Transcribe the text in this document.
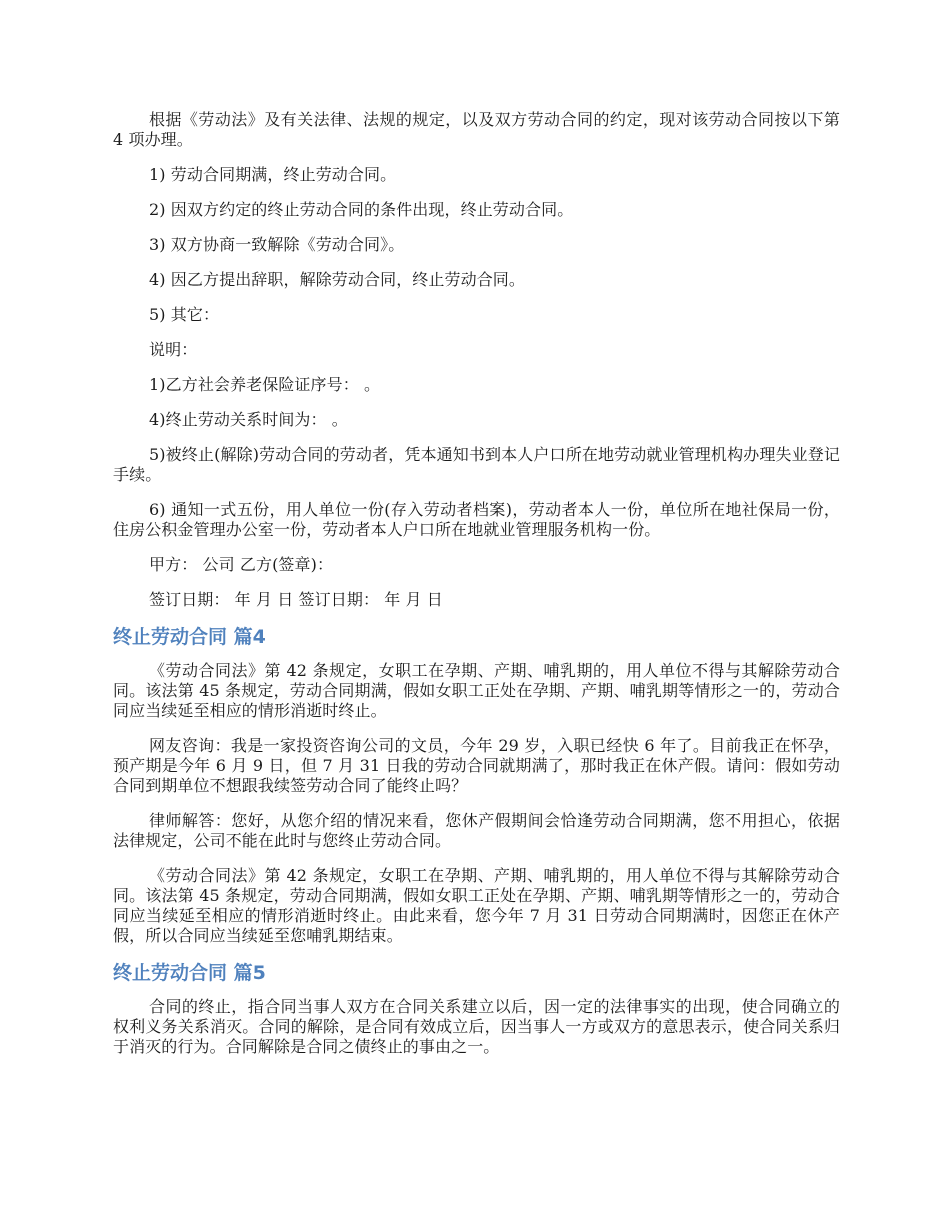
根据《劳动法》及有关法律、法规的规定，以及双方劳动合同的约定，现对该劳动合同按以下第 4 项办理。

1) 劳动合同期满，终止劳动合同。

2) 因双方约定的终止劳动合同的条件出现，终止劳动合同。

3) 双方协商一致解除《劳动合同》。

4) 因乙方提出辞职，解除劳动合同，终止劳动合同。

5) 其它：

说明：

1)乙方社会养老保险证序号： 。

4)终止劳动关系时间为： 。

5)被终止(解除)劳动合同的劳动者，凭本通知书到本人户口所在地劳动就业管理机构办理失业登记手续。

6) 通知一式五份，用人单位一份(存入劳动者档案)，劳动者本人一份，单位所在地社保局一份，住房公积金管理办公室一份，劳动者本人户口所在地就业管理服务机构一份。

甲方： 公司 乙方(签章)：

签订日期： 年 月 日 签订日期： 年 月 日

终止劳动合同 篇4

《劳动合同法》第 42 条规定，女职工在孕期、产期、哺乳期的，用人单位不得与其解除劳动合同。该法第 45 条规定，劳动合同期满，假如女职工正处在孕期、产期、哺乳期等情形之一的，劳动合同应当续延至相应的情形消逝时终止。

网友咨询：我是一家投资咨询公司的文员，今年 29 岁，入职已经快 6 年了。目前我正在怀孕，预产期是今年 6 月 9 日，但 7 月 31 日我的劳动合同就期满了，那时我正在休产假。请问：假如劳动合同到期单位不想跟我续签劳动合同了能终止吗？

律师解答：您好，从您介绍的情况来看，您休产假期间会恰逢劳动合同期满，您不用担心，依据法律规定，公司不能在此时与您终止劳动合同。

《劳动合同法》第 42 条规定，女职工在孕期、产期、哺乳期的，用人单位不得与其解除劳动合同。该法第 45 条规定，劳动合同期满，假如女职工正处在孕期、产期、哺乳期等情形之一的，劳动合同应当续延至相应的情形消逝时终止。由此来看，您今年 7 月 31 日劳动合同期满时，因您正在休产假，所以合同应当续延至您哺乳期结束。

终止劳动合同 篇5

合同的终止，指合同当事人双方在合同关系建立以后，因一定的法律事实的出现，使合同确立的权利义务关系消灭。合同的解除，是合同有效成立后，因当事人一方或双方的意思表示，使合同关系归于消灭的行为。合同解除是合同之债终止的事由之一。
